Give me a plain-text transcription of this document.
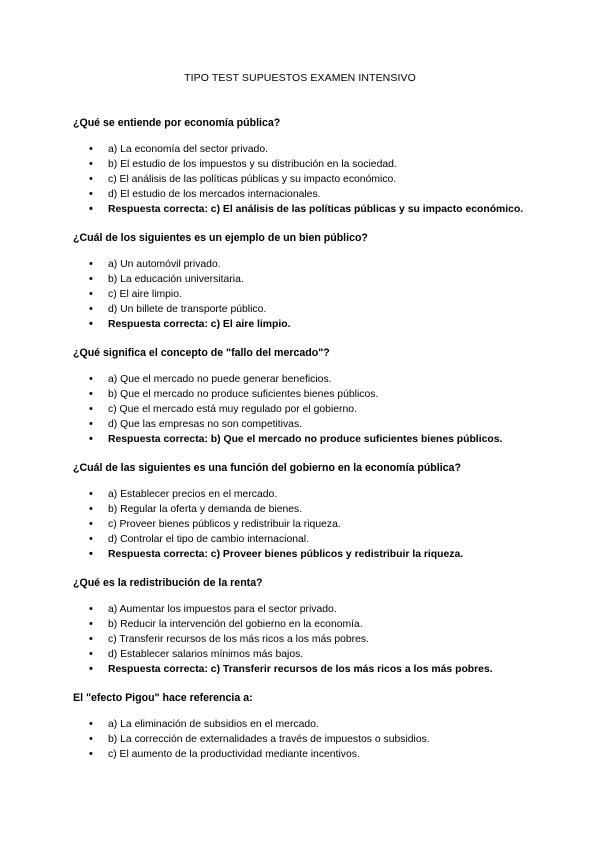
TIPO TEST SUPUESTOS EXAMEN INTENSIVO

¿Qué se entiende por economía pública?

• a) La economía del sector privado.
• b) El estudio de los impuestos y su distribución en la sociedad.
• c) El análisis de las políticas públicas y su impacto económico.
• d) El estudio de los mercados internacionales.
• Respuesta correcta: c) El análisis de las políticas públicas y su impacto económico.

¿Cuál de los siguientes es un ejemplo de un bien público?

• a) Un automóvil privado.
• b) La educación universitaria.
• c) El aire limpio.
• d) Un billete de transporte público.
• Respuesta correcta: c) El aire limpio.

¿Qué significa el concepto de "fallo del mercado"?

• a) Que el mercado no puede generar beneficios.
• b) Que el mercado no produce suficientes bienes públicos.
• c) Que el mercado está muy regulado por el gobierno.
• d) Que las empresas no son competitivas.
• Respuesta correcta: b) Que el mercado no produce suficientes bienes públicos.

¿Cuál de las siguientes es una función del gobierno en la economía pública?

• a) Establecer precios en el mercado.
• b) Regular la oferta y demanda de bienes.
• c) Proveer bienes públicos y redistribuir la riqueza.
• d) Controlar el tipo de cambio internacional.
• Respuesta correcta: c) Proveer bienes públicos y redistribuir la riqueza.

¿Qué es la redistribución de la renta?

• a) Aumentar los impuestos para el sector privado.
• b) Reducir la intervención del gobierno en la economía.
• c) Transferir recursos de los más ricos a los más pobres.
• d) Establecer salarios mínimos más bajos.
• Respuesta correcta: c) Transferir recursos de los más ricos a los más pobres.

El "efecto Pigou" hace referencia a:

• a) La eliminación de subsidios en el mercado.
• b) La corrección de externalidades a través de impuestos o subsidios.
• c) El aumento de la productividad mediante incentivos.
